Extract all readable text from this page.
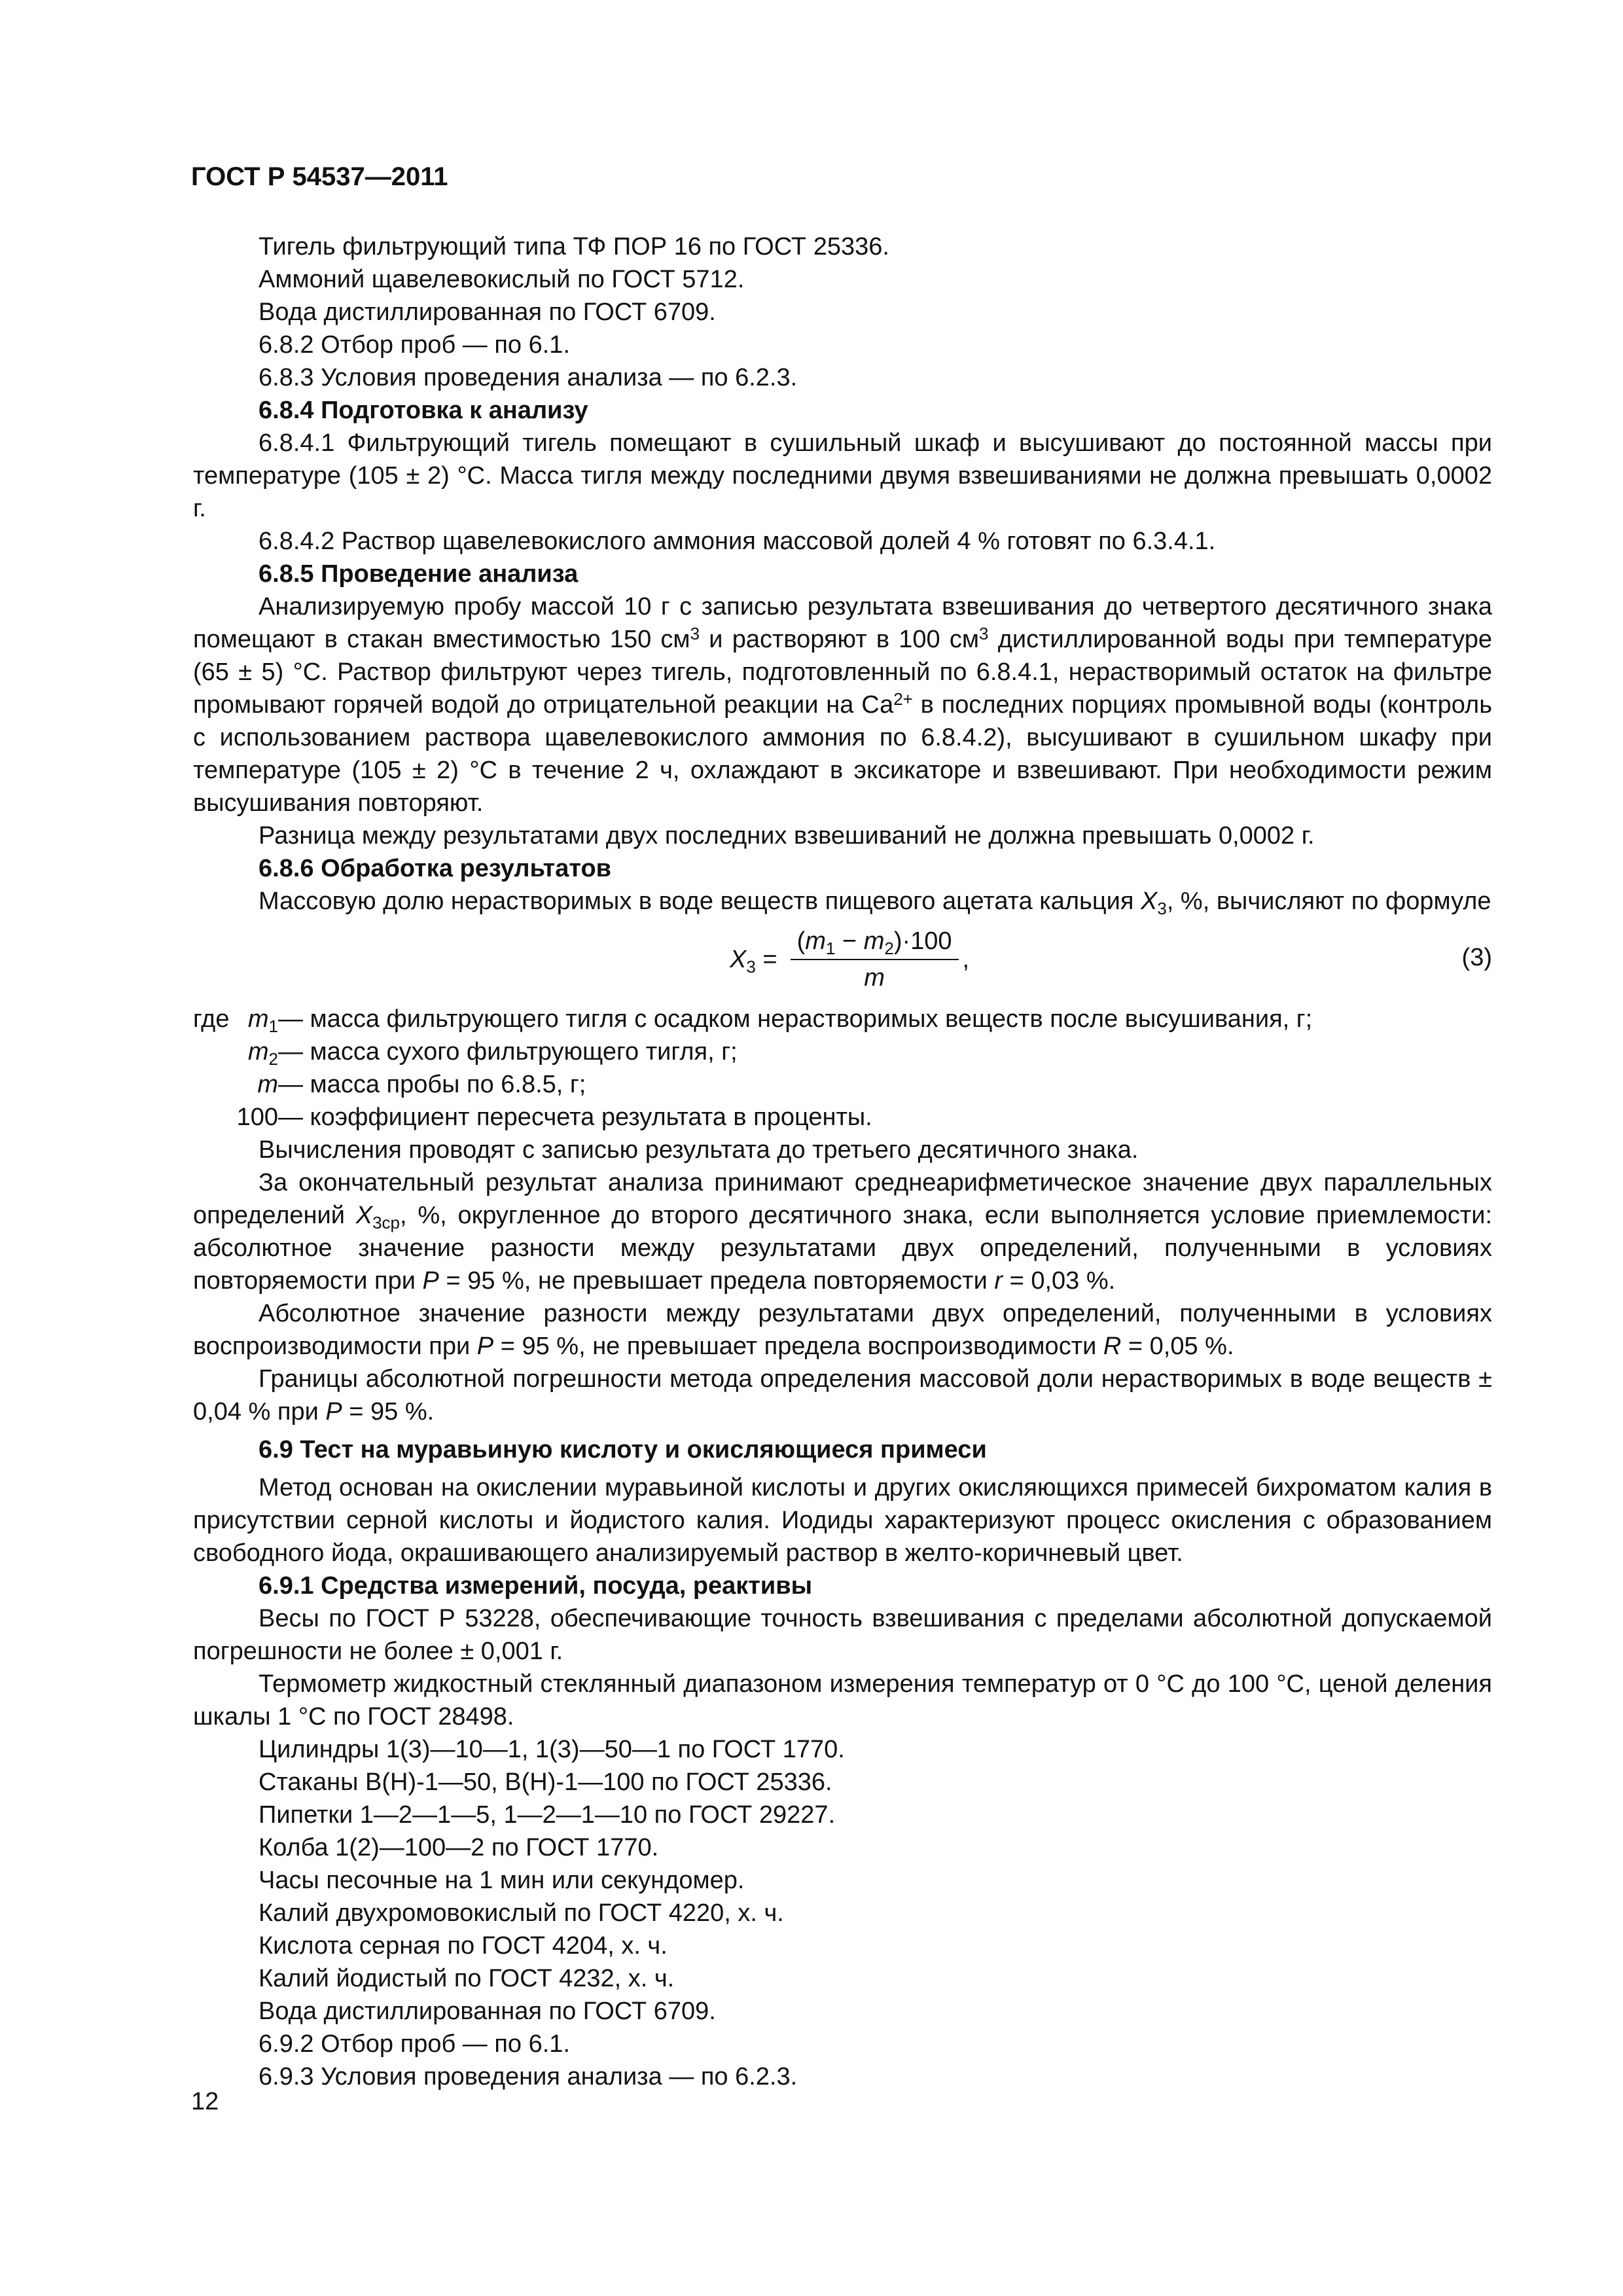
ГОСТ Р 54537—2011

Тигель фильтрующий типа ТФ ПОР 16 по ГОСТ 25336.

Аммоний щавелевокислый по ГОСТ 5712.

Вода дистиллированная по ГОСТ 6709.

6.8.2 Отбор проб — по 6.1.

6.8.3 Условия проведения анализа — по 6.2.3.

6.8.4 Подготовка к анализу

6.8.4.1 Фильтрующий тигель помещают в сушильный шкаф и высушивают до постоянной массы при температуре (105 ± 2) °С. Масса тигля между последними двумя взвешиваниями не должна превышать 0,0002 г.

6.8.4.2 Раствор щавелевокислого аммония массовой долей 4 % готовят по 6.3.4.1.

6.8.5 Проведение анализа

Анализируемую пробу массой 10 г с записью результата взвешивания до четвертого десятичного знака помещают в стакан вместимостью 150 $см^3$ и растворяют в 100 $см^3$ дистиллированной воды при температуре (65 ± 5) °С. Раствор фильтруют через тигель, подготовленный по 6.8.4.1, нерастворимый остаток на фильтре промывают горячей водой до отрицательной реакции на $Са^{2+}$ в последних порциях промывной воды (контроль с использованием раствора щавелевокислого аммония по 6.8.4.2), высушивают в сушильном шкафу при температуре (105 ± 2) °С в течение 2 ч, охлаждают в эксикаторе и взвешивают. При необходимости режим высушивания повторяют.

Разница между результатами двух последних взвешиваний не должна превышать 0,0002 г.

6.8.6 Обработка результатов

Массовую долю нерастворимых в воде веществ пищевого ацетата кальция $X_3$, %, вычисляют по формуле

$X_3 = \frac{(m_1 - m_2)\cdot 100}{m}$ ,	(3)
где $m_1$ — масса фильтрующего тигля с осадком нерастворимых веществ после высушивания, г;
$m_2$ — масса сухого фильтрующего тигля, г;
m — масса пробы по 6.8.5, г;
100 — коэффициент пересчета результата в проценты.

Вычисления проводят с записью результата до третьего десятичного знака.

За окончательный результат анализа принимают среднеарифметическое значение двух параллельных определений $X_{3ср}$, %, округленное до второго десятичного знака, если выполняется условие приемлемости: абсолютное значение разности между результатами двух определений, полученными в условиях повторяемости при P = 95 %, не превышает предела повторяемости r = 0,03 %.

Абсолютное значение разности между результатами двух определений, полученными в условиях воспроизводимости при P = 95 %, не превышает предела воспроизводимости R = 0,05 %.

Границы абсолютной погрешности метода определения массовой доли нерастворимых в воде веществ ± 0,04 % при P = 95 %.

6.9 Тест на муравьиную кислоту и окисляющиеся примеси

Метод основан на окислении муравьиной кислоты и других окисляющихся примесей бихроматом калия в присутствии серной кислоты и йодистого калия. Иодиды характеризуют процесс окисления с образованием свободного йода, окрашивающего анализируемый раствор в желто-коричневый цвет.

6.9.1 Средства измерений, посуда, реактивы

Весы по ГОСТ Р 53228, обеспечивающие точность взвешивания с пределами абсолютной допускаемой погрешности не более ± 0,001 г.

Термометр жидкостный стеклянный диапазоном измерения температур от 0 °С до 100 °С, ценой деления шкалы 1 °С по ГОСТ 28498.

Цилиндры 1(3)—10—1, 1(3)—50—1 по ГОСТ 1770.

Стаканы В(Н)-1—50, В(Н)-1—100 по ГОСТ 25336.

Пипетки 1—2—1—5, 1—2—1—10 по ГОСТ 29227.

Колба 1(2)—100—2 по ГОСТ 1770.

Часы песочные на 1 мин или секундомер.

Калий двухромовокислый по ГОСТ 4220, х. ч.

Кислота серная по ГОСТ 4204, х. ч.

Калий йодистый по ГОСТ 4232, х. ч.

Вода дистиллированная по ГОСТ 6709.

6.9.2 Отбор проб — по 6.1.

6.9.3 Условия проведения анализа — по 6.2.3.

12
